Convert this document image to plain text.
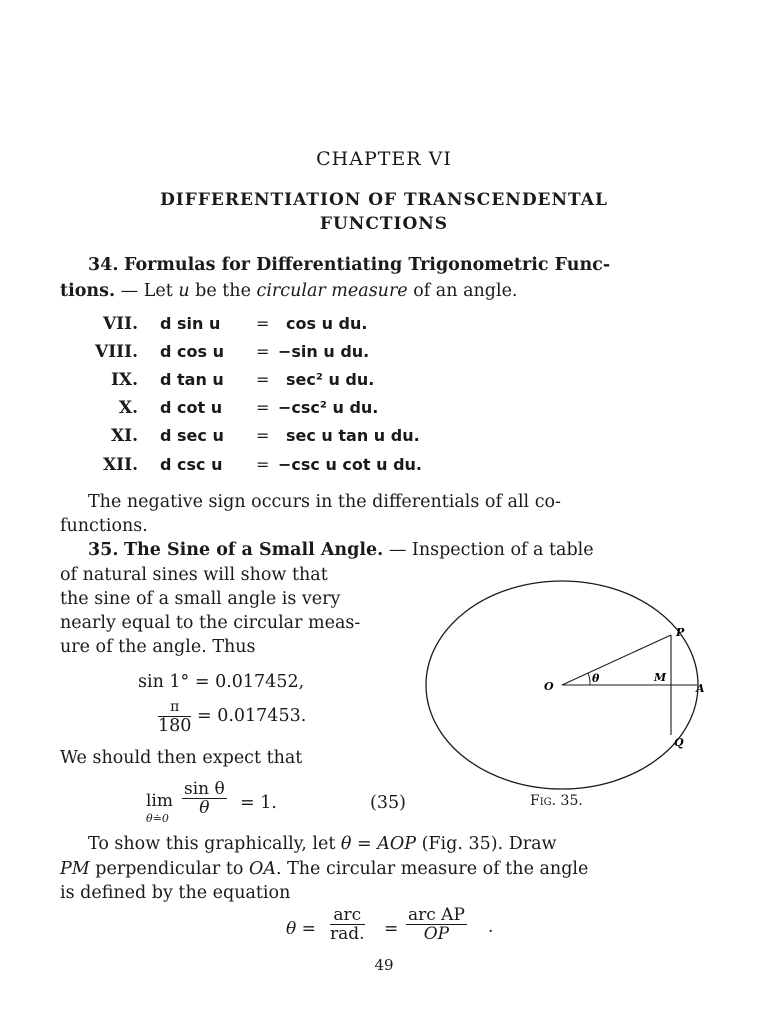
CHAPTER VI
DIFFERENTIATION OF TRANSCENDENTAL
FUNCTIONS
34. Formulas for Differentiating Trigonometric Func-
tions. — Let u be the circular measure of an angle.
VII. d sin u = cos u du.
VIII. d cos u = −sin u du.
IX. d tan u = sec² u du.
X. d cot u = −csc² u du.
XI. d sec u = sec u tan u du.
XII. d csc u = −csc u cot u du.
The negative sign occurs in the differentials of all co-
functions.
35. The Sine of a Small Angle. — Inspection of a table
of natural sines will show that
the sine of a small angle is very
nearly equal to the circular meas-
ure of the angle. Thus
sin 1° = 0.017452,
$\frac{\pi}{180} = 0.017453$.
We should then expect that
lim
θ≐0
$\frac{\text{sin θ}}{\theta} = 1$.	(35)
O
P
M
A
Q
θ
Fig. 35.
To show this graphically, let θ = AOP (Fig. 35). Draw
PM perpendicular to OA. The circular measure of the angle
is defined by the equation
θ =
arc
rad. =
arc AP
OP	.
49
